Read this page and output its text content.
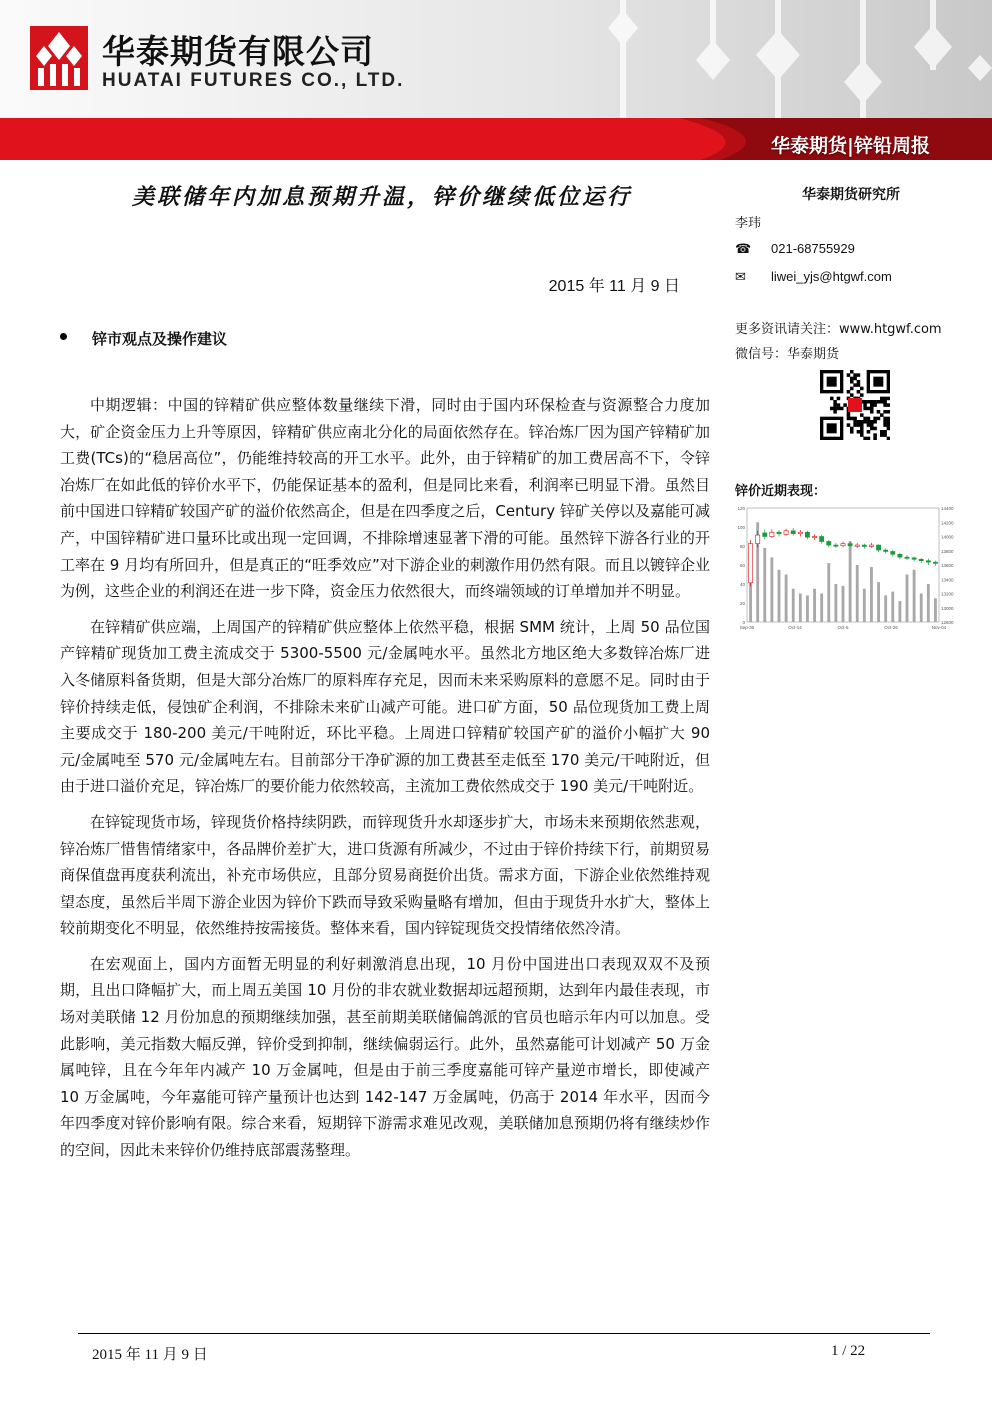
华泰期货有限公司
HUATAI FUTURES CO., LTD.
华泰期货|锌铅周报
美联储年内加息预期升温，锌价继续低位运行
2015 年 11 月 9 日
锌市观点及操作建议

中期逻辑：中国的锌精矿供应整体数量继续下滑，同时由于国内环保检查与资源整合力度加大，矿企资金压力上升等原因，锌精矿供应南北分化的局面依然存在。锌冶炼厂因为国产锌精矿加工费(TCs)的“稳居高位”，仍能维持较高的开工水平。此外，由于锌精矿的加工费居高不下，令锌冶炼厂在如此低的锌价水平下，仍能保证基本的盈利，但是同比来看，利润率已明显下滑。虽然目前中国进口锌精矿较国产矿的溢价依然高企，但是在四季度之后，Century 锌矿关停以及嘉能可减产，中国锌精矿进口量环比或出现一定回调，不排除增速显著下滑的可能。虽然锌下游各行业的开工率在 9 月均有所回升，但是真正的“旺季效应”对下游企业的刺激作用仍然有限。而且以镀锌企业为例，这些企业的利润还在进一步下降，资金压力依然很大，而终端领域的订单增加并不明显。

在锌精矿供应端，上周国产的锌精矿供应整体上依然平稳，根据 SMM 统计，上周 50 品位国产锌精矿现货加工费主流成交于 5300-5500 元/金属吨水平。虽然北方地区绝大多数锌冶炼厂进入冬储原料备货期，但是大部分冶炼厂的原料库存充足，因而未来采购原料的意愿不足。同时由于锌价持续走低，侵蚀矿企利润，不排除未来矿山减产可能。进口矿方面，50 品位现货加工费上周主要成交于 180-200 美元/干吨附近，环比平稳。上周进口锌精矿较国产矿的溢价小幅扩大 90 元/金属吨至 570 元/金属吨左右。目前部分干净矿源的加工费甚至走低至 170 美元/干吨附近，但由于进口溢价充足，锌冶炼厂的要价能力依然较高，主流加工费依然成交于 190 美元/干吨附近。

在锌锭现货市场，锌现货价格持续阴跌，而锌现货升水却逐步扩大，市场未来预期依然悲观，锌冶炼厂惜售情绪家中，各品牌价差扩大，进口货源有所减少，不过由于锌价持续下行，前期贸易商保值盘再度获利流出，补充市场供应，且部分贸易商挺价出货。需求方面，下游企业依然维持观望态度，虽然后半周下游企业因为锌价下跌而导致采购量略有增加，但由于现货升水扩大，整体上较前期变化不明显，依然维持按需接货。整体来看，国内锌锭现货交投情绪依然冷清。

在宏观面上，国内方面暂无明显的利好刺激消息出现，10 月份中国进出口表现双双不及预期，且出口降幅扩大，而上周五美国 10 月份的非农就业数据却远超预期，达到年内最佳表现，市场对美联储 12 月份加息的预期继续加强，甚至前期美联储偏鸽派的官员也暗示年内可以加息。受此影响，美元指数大幅反弹，锌价受到抑制，继续偏弱运行。此外，虽然嘉能可计划减产 50 万金属吨锌，且在今年年内减产 10 万金属吨，但是由于前三季度嘉能可锌产量逆市增长，即使减产 10 万金属吨，今年嘉能可锌产量预计也达到 142-147 万金属吨，仍高于 2014 年水平，因而今年四季度对锌价影响有限。综合来看，短期锌下游需求难见改观，美联储加息预期仍将有继续炒作的空间，因此未来锌价仍维持底部震荡整理。

华泰期货研究所
李玮
☎ 021-68755929
✉ liwei_yjs@htgwf.com
更多资讯请关注：www.htgwf.com
微信号：华泰期货
锌价近期表现：
120
100
80
60
40
20
0
14400
14200
14000
13800
13600
13400
13200
13000
12800
Sep-30	Oct-14	Oct-5	Oct-26	Nov-04
2015 年 11 月 9 日	1 / 22
